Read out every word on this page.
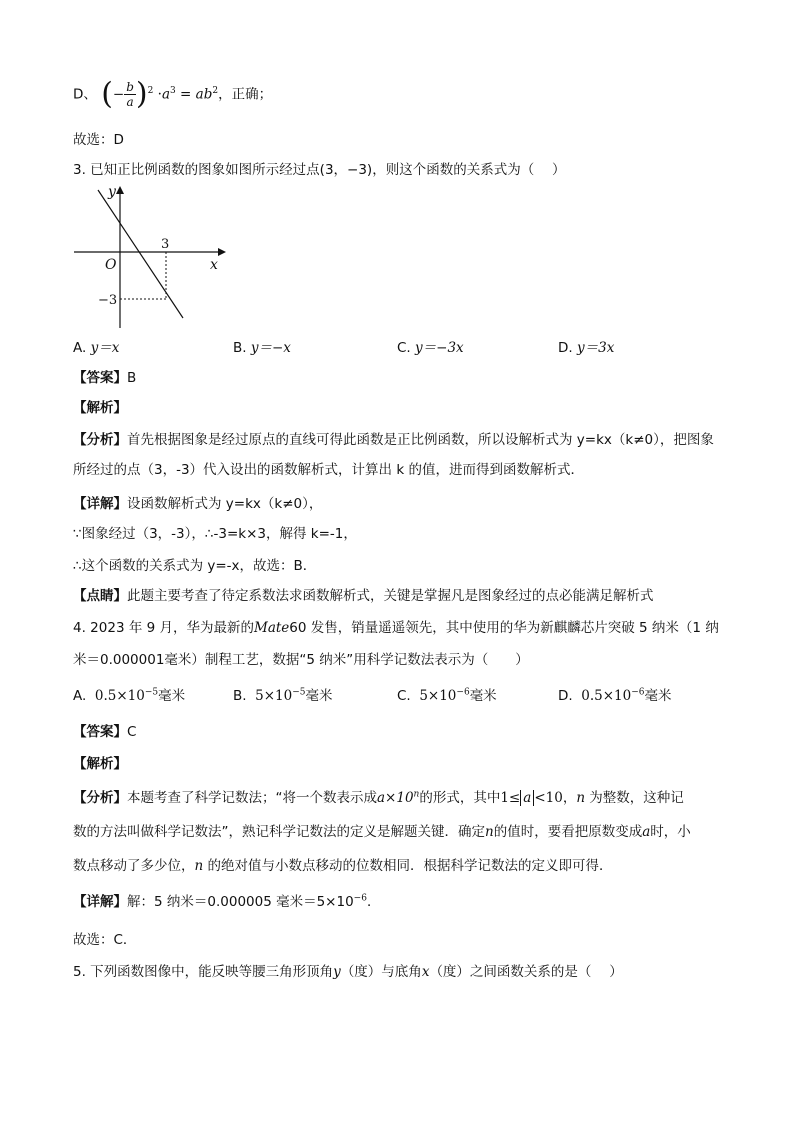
D、 (− $\frac{b}{a} )^2 \cdot a^3 = ab^2$，正确；
故选：D
3. 已知正比例函数的图象如图所示经过点(3，−3)，则这个函数的关系式为（　 ）
y
x
O
3
−3
A. y＝x	B. y＝−x	C. y＝−3x	D. y＝3x
【答案】B
【解析】
【分析】首先根据图象是经过原点的直线可得此函数是正比例函数，所以设解析式为 y=kx（k≠0），把图象
所经过的点（3，-3）代入设出的函数解析式，计算出 k 的值，进而得到函数解析式．
【详解】设函数解析式为 y=kx（k≠0），
∵图象经过（3，-3），∴-3=k×3，解得 k=-1，
∴这个函数的关系式为 y=-x，故选：B．
【点睛】此题主要考查了待定系数法求函数解析式，关键是掌握凡是图象经过的点必能满足解析式
4. 2023 年 9 月，华为最新的Mate60 发售，销量遥遥领先，其中使用的华为新麒麟芯片突破 5 纳米（1 纳
米＝0.000001毫米）制程工艺，数据“5 纳米”用科学记数法表示为（　　）
A. $0.5\times 10^{-5}$毫米	B. $5\times 10^{-5}$毫米	C. $5\times 10^{-6}$毫米	D. $0.5\times 10^{-6}$毫米
【答案】C
【解析】
【分析】本题考查了科学记数法；“将一个数表示成$a\times 10^n$的形式，其中1≤ a <10，n 为整数，这种记
数的方法叫做科学记数法”，熟记科学记数法的定义是解题关键．确定n的值时，要看把原数变成a时，小
数点移动了多少位，n 的绝对值与小数点移动的位数相同．根据科学记数法的定义即可得．
【详解】解：5 纳米＝0.000005 毫米$=5\times 10^{-6}$．
故选：C．
5. 下列函数图像中，能反映等腰三角形顶角y（度）与底角x（度）之间函数关系的是（　 ）
